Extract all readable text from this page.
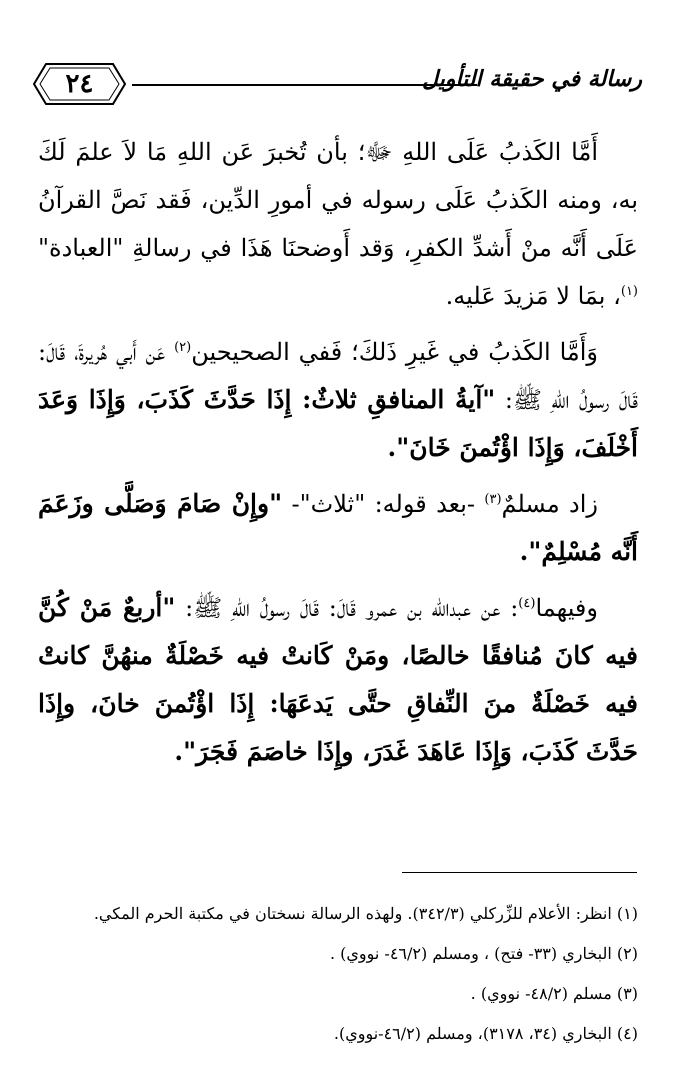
٢٤	رسالة في حقيقة التأويل

أَمَّا الكَذبُ عَلَى اللهِ ﷻ؛ بأن تُخبرَ عَن اللهِ مَا لاَ علمَ لَكَ به، ومنه الكَذبُ عَلَى رسوله في أمورِ الدِّين، فَقد نَصَّ القرآنُ عَلَى أَنَّه منْ أَشدِّ الكفرِ، وَقد أَوضحنَا هَذَا في رسالةِ "العبادة"$^{(١)}$، بمَا لا مَزيدَ عَليه.

وَأَمَّا الكَذبُ في غَيرِ ذَلكَ؛ فَفي الصحيحين$^{(٢)}$ عَن أَبي هُريرةَ، قَالَ: قَالَ رسولُ اللهِ ﷺ: "آيةُ المنافقِ ثلاثٌ: إِذَا حَدَّثَ كَذَبَ، وَإِذَا وَعَدَ أَخْلَفَ، وَإِذَا اؤْتُمنَ خَانَ".

زاد مسلمٌ$^{(٣)}$ -بعد قوله: "ثلاث"- "وإِنْ صَامَ وَصَلَّى وزَعَمَ أَنَّه مُسْلِمٌ".

وفيهما$^{(٤)}$: عن عبدالله بن عمرو قَالَ: قَالَ رسولُ اللهِ ﷺ: "أربعٌ مَنْ كُنَّ فيه كانَ مُنافقًا خالصًا، ومَنْ كَانتْ فيه خَصْلَةٌ منهُنَّ كانتْ فيه خَصْلَةٌ منَ النِّفاقِ حتَّى يَدعَهَا: إِذَا اؤْتُمنَ خانَ، وإِذَا حَدَّثَ كَذَبَ، وَإِذَا عَاهَدَ غَدَرَ، وإِذَا خاصَمَ فَجَرَ".

(١) انظر: الأعلام للزِّركلي (٣٤٢/٣). ولهذه الرسالة نسختان في مكتبة الحرم المكي.
(٢) البخاري (٣٣- فتح) ، ومسلم (٤٦/٢- نووي) .
(٣) مسلم (٤٨/٢- نووي) .
(٤) البخاري (٣٤، ٣١٧٨)، ومسلم (٤٦/٢-نووي).
